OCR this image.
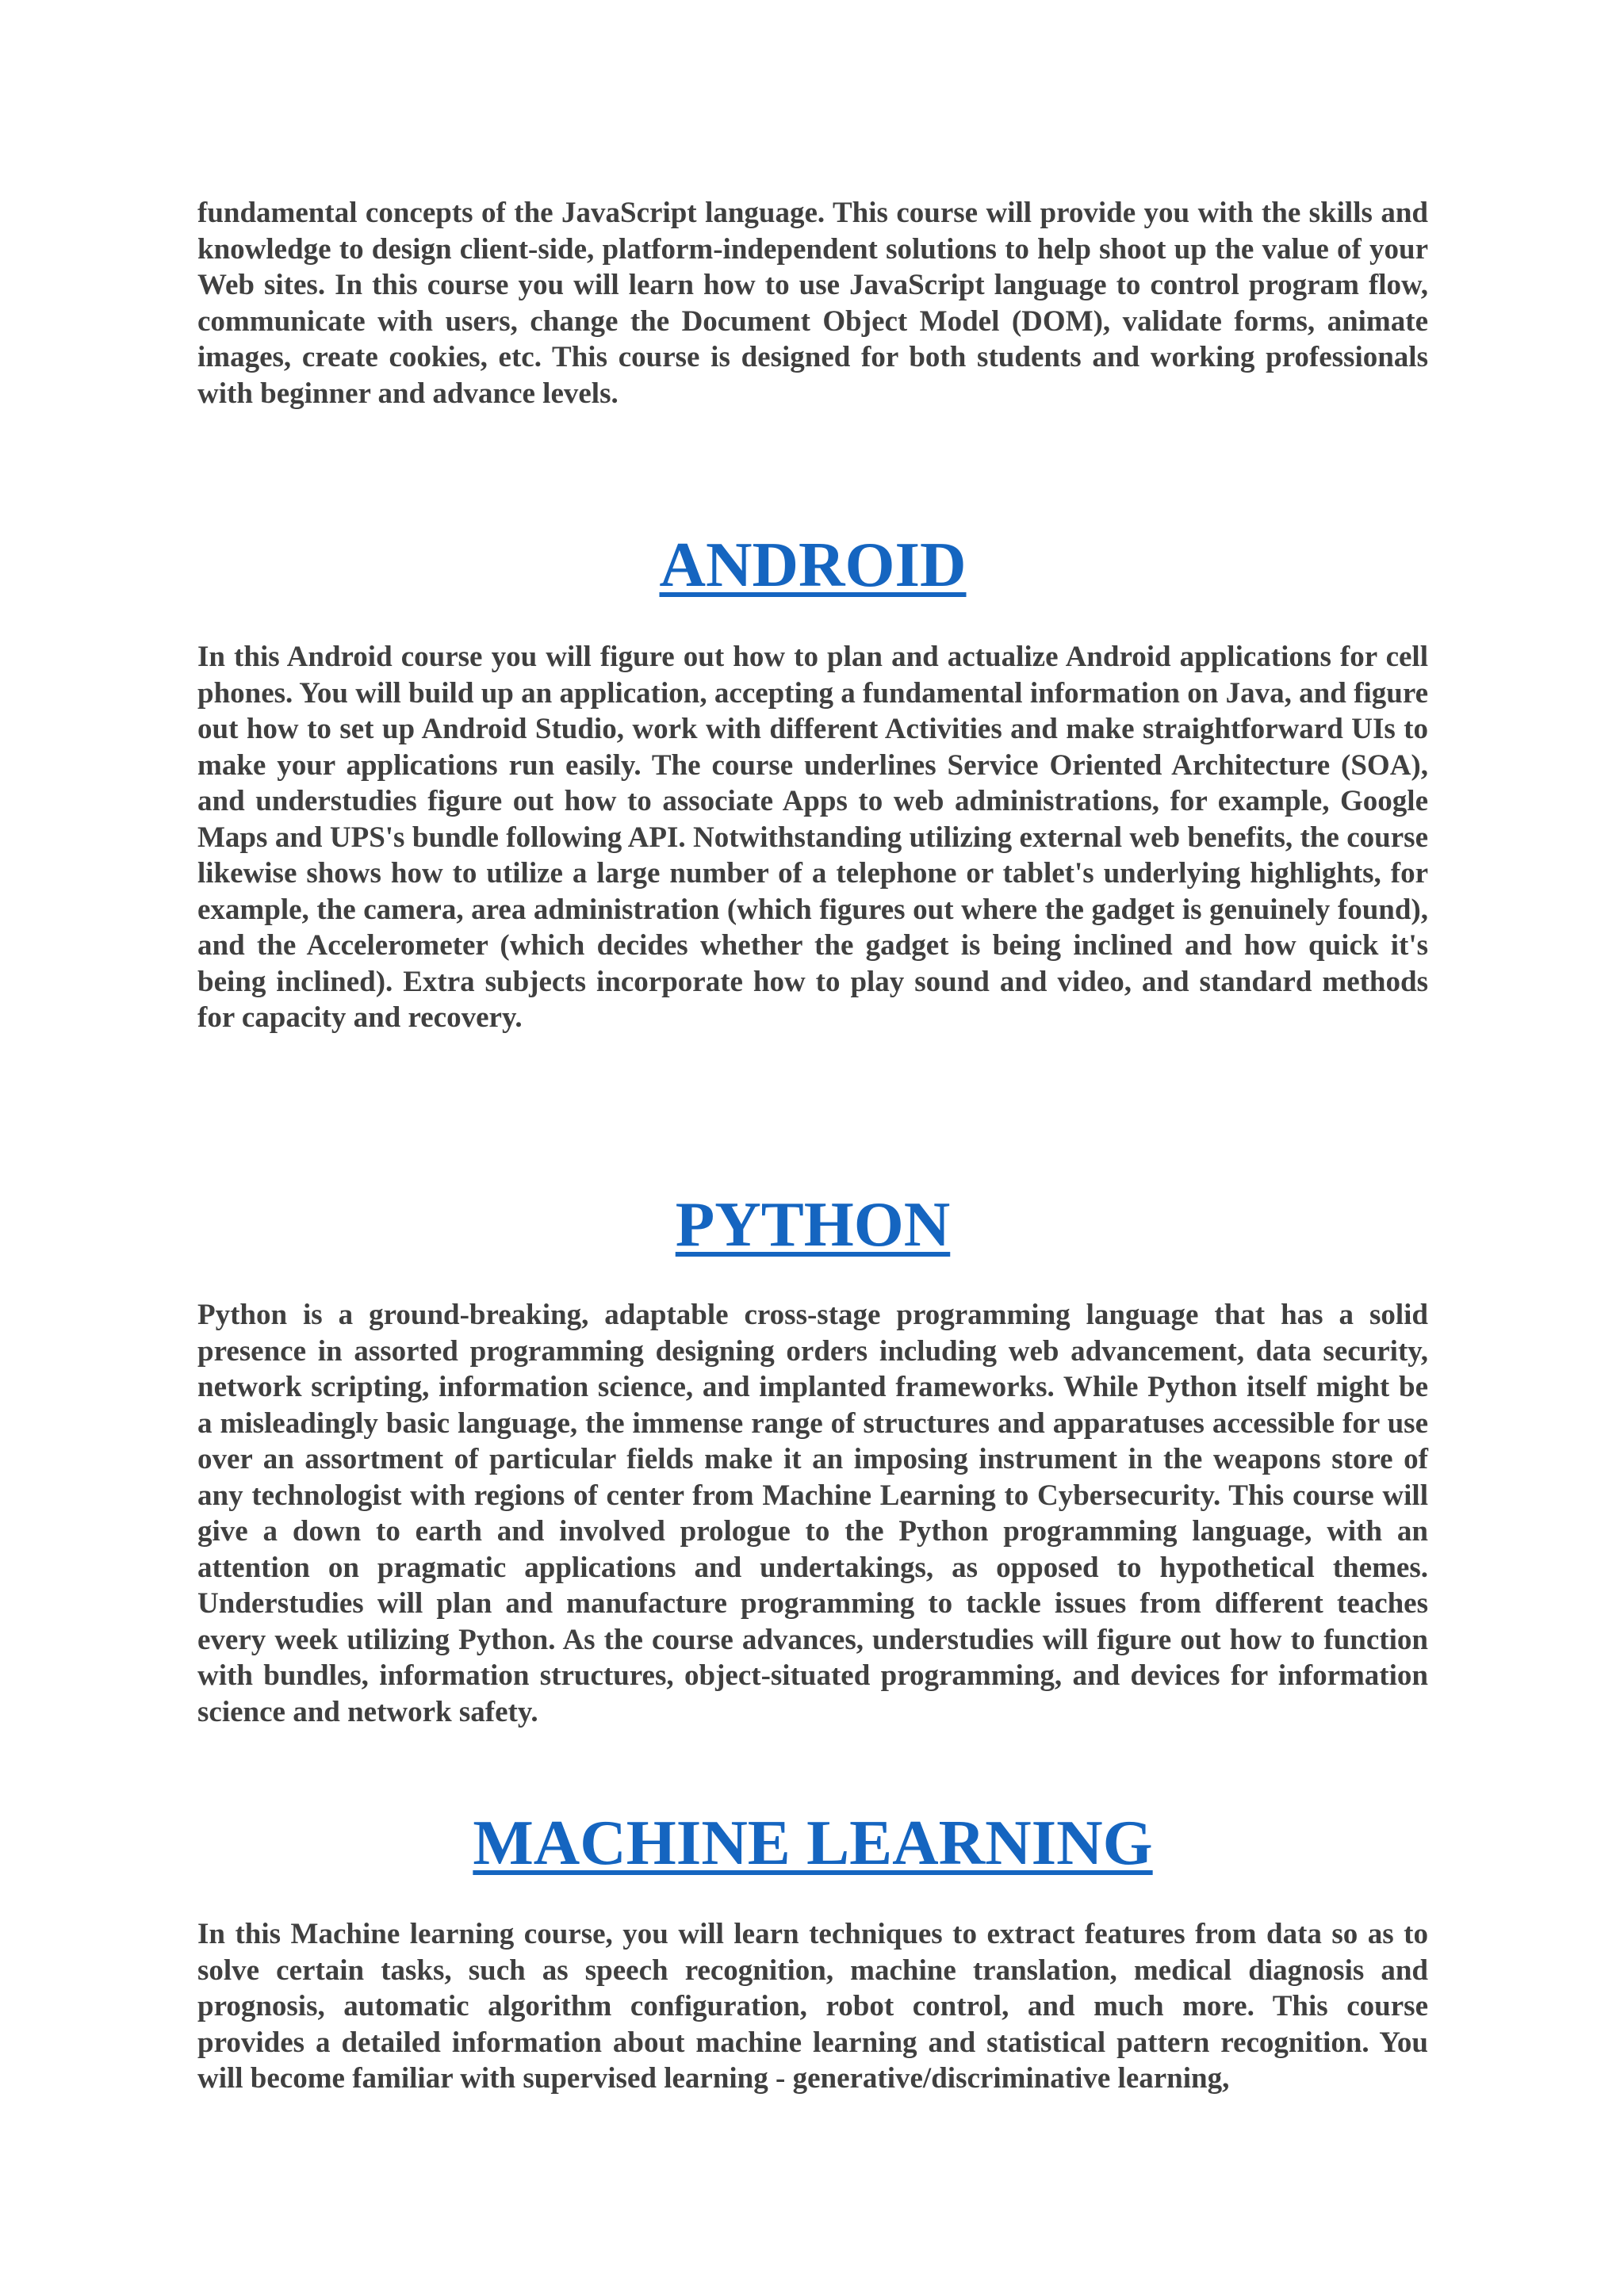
fundamental concepts of the JavaScript language. This course will provide you with the skills and knowledge to design client-side, platform-independent solutions to help shoot up the value of your Web sites. In this course you will learn how to use JavaScript language to control program flow, communicate with users, change the Document Object Model (DOM), validate forms, animate images, create cookies, etc. This course is designed for both students and working professionals with beginner and advance levels.

ANDROID

In this Android course you will figure out how to plan and actualize Android applications for cell phones. You will build up an application, accepting a fundamental information on Java, and figure out how to set up Android Studio, work with different Activities and make straightforward UIs to make your applications run easily. The course underlines Service Oriented Architecture (SOA), and understudies figure out how to associate Apps to web administrations, for example, Google Maps and UPS's bundle following API. Notwithstanding utilizing external web benefits, the course likewise shows how to utilize a large number of a telephone or tablet's underlying highlights, for example, the camera, area administration (which figures out where the gadget is genuinely found), and the Accelerometer (which decides whether the gadget is being inclined and how quick it's being inclined). Extra subjects incorporate how to play sound and video, and standard methods for capacity and recovery.

PYTHON

Python is a ground-breaking, adaptable cross-stage programming language that has a solid presence in assorted programming designing orders including web advancement, data security, network scripting, information science, and implanted frameworks. While Python itself might be a misleadingly basic language, the immense range of structures and apparatuses accessible for use over an assortment of particular fields make it an imposing instrument in the weapons store of any technologist with regions of center from Machine Learning to Cybersecurity. This course will give a down to earth and involved prologue to the Python programming language, with an attention on pragmatic applications and undertakings, as opposed to hypothetical themes. Understudies will plan and manufacture programming to tackle issues from different teaches every week utilizing Python. As the course advances, understudies will figure out how to function with bundles, information structures, object-situated programming, and devices for information science and network safety.

MACHINE LEARNING

In this Machine learning course, you will learn techniques to extract features from data so as to solve certain tasks, such as speech recognition, machine translation, medical diagnosis and prognosis, automatic algorithm configuration, robot control, and much more. This course provides a detailed information about machine learning and statistical pattern recognition. You will become familiar with supervised learning - generative/discriminative learning,
